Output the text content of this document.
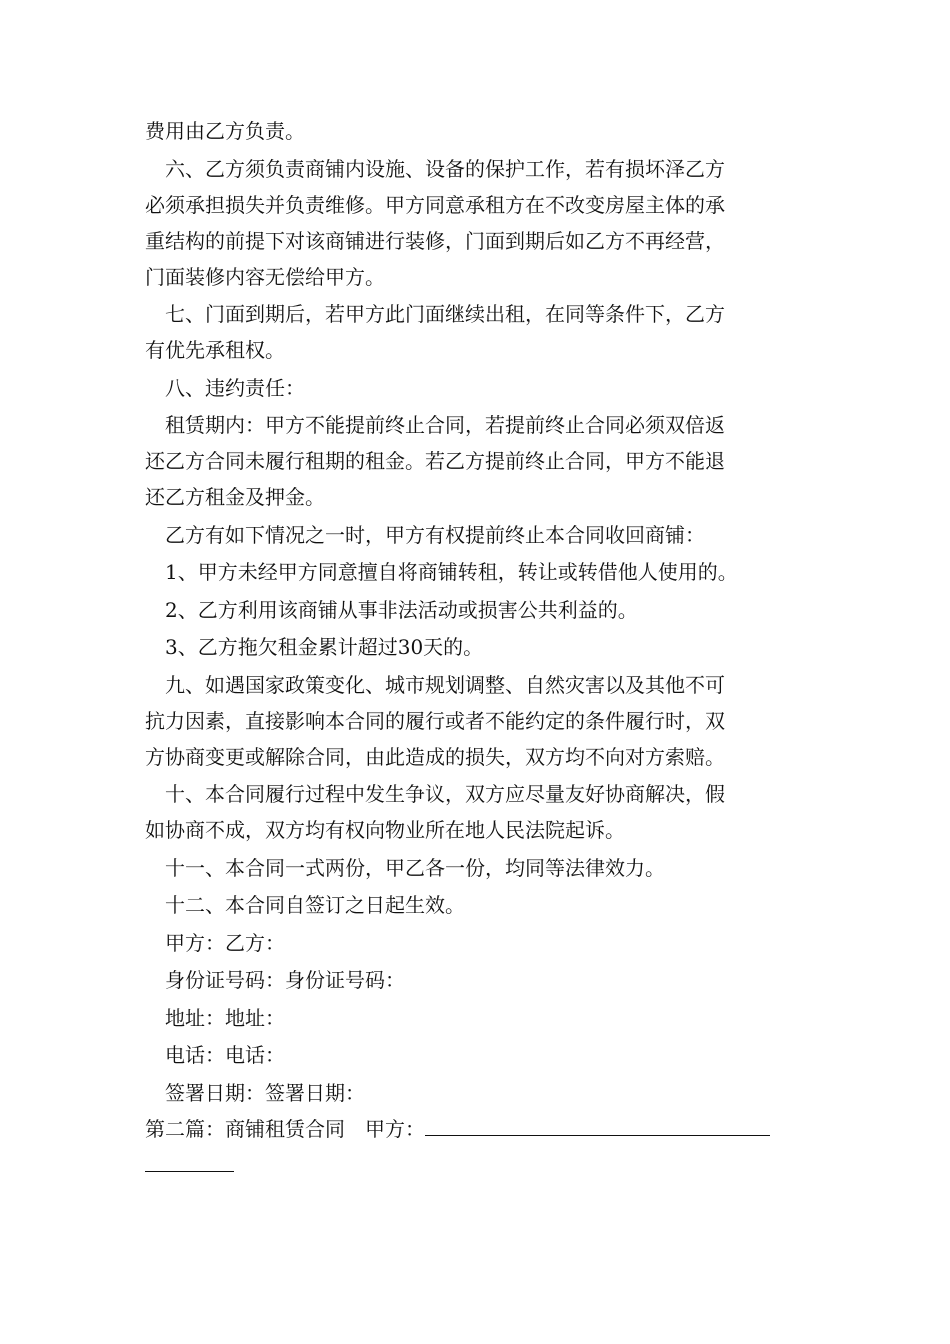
费用由乙方负责。

六、乙方须负责商铺内设施、设备的保护工作，若有损坏泽乙方

必须承担损失并负责维修。甲方同意承租方在不改变房屋主体的承

重结构的前提下对该商铺进行装修，门面到期后如乙方不再经营，

门面装修内容无偿给甲方。

七、门面到期后，若甲方此门面继续出租，在同等条件下，乙方

有优先承租权。

八、违约责任：

租赁期内：甲方不能提前终止合同，若提前终止合同必须双倍返

还乙方合同未履行租期的租金。若乙方提前终止合同，甲方不能退

还乙方租金及押金。

乙方有如下情况之一时，甲方有权提前终止本合同收回商铺：

1、甲方未经甲方同意擅自将商铺转租，转让或转借他人使用的。

2、乙方利用该商铺从事非法活动或损害公共利益的。

3、乙方拖欠租金累计超过30天的。

九、如遇国家政策变化、城市规划调整、自然灾害以及其他不可

抗力因素，直接影响本合同的履行或者不能约定的条件履行时，双

方协商变更或解除合同，由此造成的损失，双方均不向对方索赔。

十、本合同履行过程中发生争议，双方应尽量友好协商解决，假

如协商不成，双方均有权向物业所在地人民法院起诉。

十一、本合同一式两份，甲乙各一份，均同等法律效力。

十二、本合同自签订之日起生效。

甲方：乙方：

身份证号码：身份证号码：

地址：地址：

电话：电话：

签署日期：签署日期：

第二篇：商铺租赁合同　甲方：
